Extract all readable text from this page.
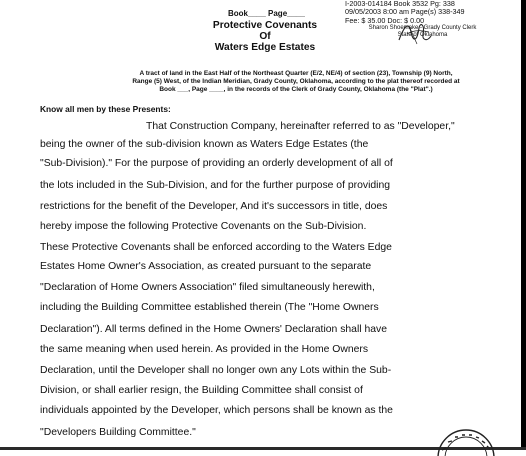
I-2003-014184 Book 3532 Pg: 338
09/05/2003 8:00 am Page(s) 338-349
Fee: $ 35.00 Doc: $ 0.00
Sharon Shoemake - Grady County Clerk
State of Oklahoma
Book____ Page____
Protective Covenants
Of
Waters Edge Estates
A tract of land in the East Half of the Northeast Quarter (E/2, NE/4) of section (23), Township (9) North,
Range (5) West, of the Indian Meridian, Grady County, Oklahoma, according to the plat thereof recorded at
Book ___, Page ____, in the records of the Clerk of Grady County, Oklahoma (the "Plat".)
Know all men by these Presents:
That Construction Company, hereinafter referred to as "Developer,"
being the owner of the sub-division known as Waters Edge Estates (the
"Sub-Division)." For the purpose of providing an orderly development of all of
the lots included in the Sub-Division, and for the further purpose of providing
restrictions for the benefit of the Developer, And it's successors in title, does
hereby impose the following Protective Covenants on the Sub-Division.
These Protective Covenants shall be enforced according to the Waters Edge
Estates Home Owner's Association, as created pursuant to the separate
"Declaration of Home Owners Association" filed simultaneously herewith,
including the Building Committee established therein (The "Home Owners
Declaration"). All terms defined in the Home Owners' Declaration shall have
the same meaning when used herein. As provided in the Home Owners
Declaration, until the Developer shall no longer own any Lots within the Sub-
Division, or shall earlier resign, the Building Committee shall consist of
individuals appointed by the Developer, which persons shall be known as the
"Developers Building Committee."
